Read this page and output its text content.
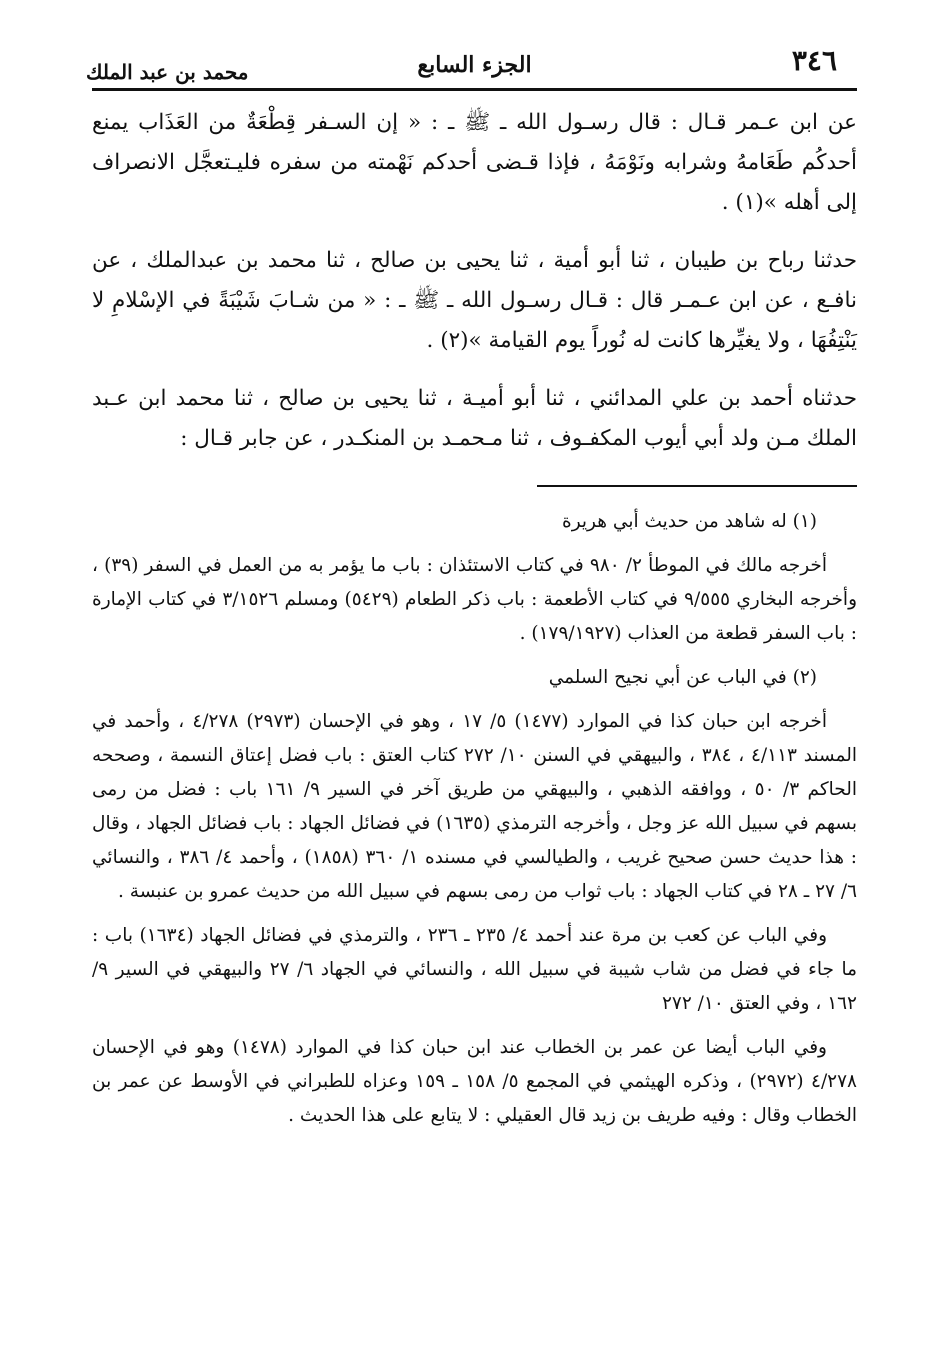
٣٤٦
الجزء السابع
محمد بن عبد الملك

عن ابن عـمر قـال : قال رسـول الله ـ ﷺ ـ : « إن السـفر قِطْعَةٌ من العَذَاب يمنع أحدكُم طَعَامهُ وشرابه ونَوْمَهُ ، فإذا قـضى أحدكم نَهْمته من سفره فليـتعجَّل الانصراف إلى أهله »(١) .

حدثنا رباح بن طيبان ، ثنا أبو أمية ، ثنا يحيى بن صالح ، ثنا محمد بن عبدالملك ، عن نافـع ، عن ابن عـمـر قال : قـال رسـول الله ـ ﷺ ـ : « من شـابَ شَيْبَةً في الإسْلامِ لا يَنْتِفُهَا ، ولا يغيِّرها كانت له نُوراً يوم القيامة »(٢) .

حدثناه أحمد بن علي المدائني ، ثنا أبو أميـة ، ثنا يحيى بن صالح ، ثنا محمد ابن عـبد الملك مـن ولد أبي أيوب المكفـوف ، ثنا مـحمـد بن المنكـدر ، عن جابر قـال :

(١) له شاهد من حديث أبي هريرة

أخرجه مالك في الموطأ ٢/ ٩٨٠ في كتاب الاستئذان : باب ما يؤمر به من العمل في السفر (٣٩) ، وأخرجه البخاري ٩/٥٥٥ في كتاب الأطعمة : باب ذكر الطعام (٥٤٢٩) ومسلم ٣/١٥٢٦ في كتاب الإمارة : باب السفر قطعة من العذاب (١٧٩/١٩٢٧) .

(٢) في الباب عن أبي نجيح السلمي

أخرجه ابن حبان كذا في الموارد (١٤٧٧) ٥/ ١٧ ، وهو في الإحسان (٢٩٧٣) ٤/٢٧٨ ، وأحمد في المسند ٤/١١٣ ، ٣٨٤ ، والبيهقي في السنن ١٠/ ٢٧٢ كتاب العتق : باب فضل إعتاق النسمة ، وصححه الحاكم ٣/ ٥٠ ، ووافقه الذهبي ، والبيهقي من طريق آخر في السير ٩/ ١٦١ باب : فضل من رمى بسهم في سبيل الله عز وجل ، وأخرجه الترمذي (١٦٣٥) في فضائل الجهاد : باب فضائل الجهاد ، وقال : هذا حديث حسن صحيح غريب ، والطيالسي في مسنده ١/ ٣٦٠ (١٨٥٨) ، وأحمد ٤/ ٣٨٦ ، والنسائي ٦/ ٢٧ ـ ٢٨ في كتاب الجهاد : باب ثواب من رمى بسهم في سبيل الله من حديث عمرو بن عنبسة .

وفي الباب عن كعب بن مرة عند أحمد ٤/ ٢٣٥ ـ ٢٣٦ ، والترمذي في فضائل الجهاد (١٦٣٤) باب : ما جاء في فضل من شاب شيبة في سبيل الله ، والنسائي في الجهاد ٦/ ٢٧ والبيهقي في السير ٩/ ١٦٢ ، وفي العتق ١٠/ ٢٧٢

وفي الباب أيضا عن عمر بن الخطاب عند ابن حبان كذا في الموارد (١٤٧٨) وهو في الإحسان ٤/٢٧٨ (٢٩٧٢) ، وذكره الهيثمي في المجمع ٥/ ١٥٨ ـ ١٥٩ وعزاه للطبراني في الأوسط عن عمر بن الخطاب وقال : وفيه طريف بن زيد قال العقيلي : لا يتابع على هذا الحديث .
